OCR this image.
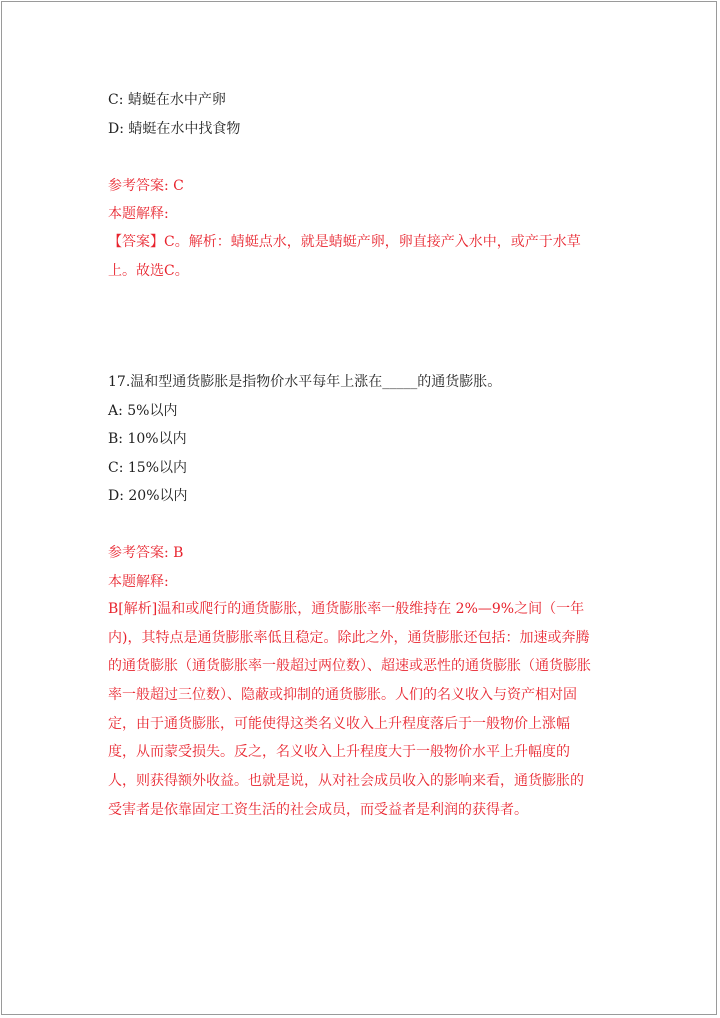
C: 蜻蜓在水中产卵
D: 蜻蜓在水中找食物
参考答案: C
本题解释:
【答案】C。解析：蜻蜓点水，就是蜻蜓产卵，卵直接产入水中，或产于水草
上。故选C。
17.温和型通货膨胀是指物价水平每年上涨在_____的通货膨胀。
A: 5%以内
B: 10%以内
C: 15%以内
D: 20%以内
参考答案: B
本题解释:
B[解析]温和或爬行的通货膨胀，通货膨胀率一般维持在 2%—9%之间（一年
内)，其特点是通货膨胀率低且稳定。除此之外，通货膨胀还包括：加速或奔腾
的通货膨胀（通货膨胀率一般超过两位数）、超速或恶性的通货膨胀（通货膨胀
率一般超过三位数）、隐蔽或抑制的通货膨胀。人们的名义收入与资产相对固
定，由于通货膨胀，可能使得这类名义收入上升程度落后于一般物价上涨幅
度，从而蒙受损失。反之，名义收入上升程度大于一般物价水平上升幅度的
人，则获得额外收益。也就是说，从对社会成员收入的影响来看，通货膨胀的
受害者是依靠固定工资生活的社会成员，而受益者是利润的获得者。
